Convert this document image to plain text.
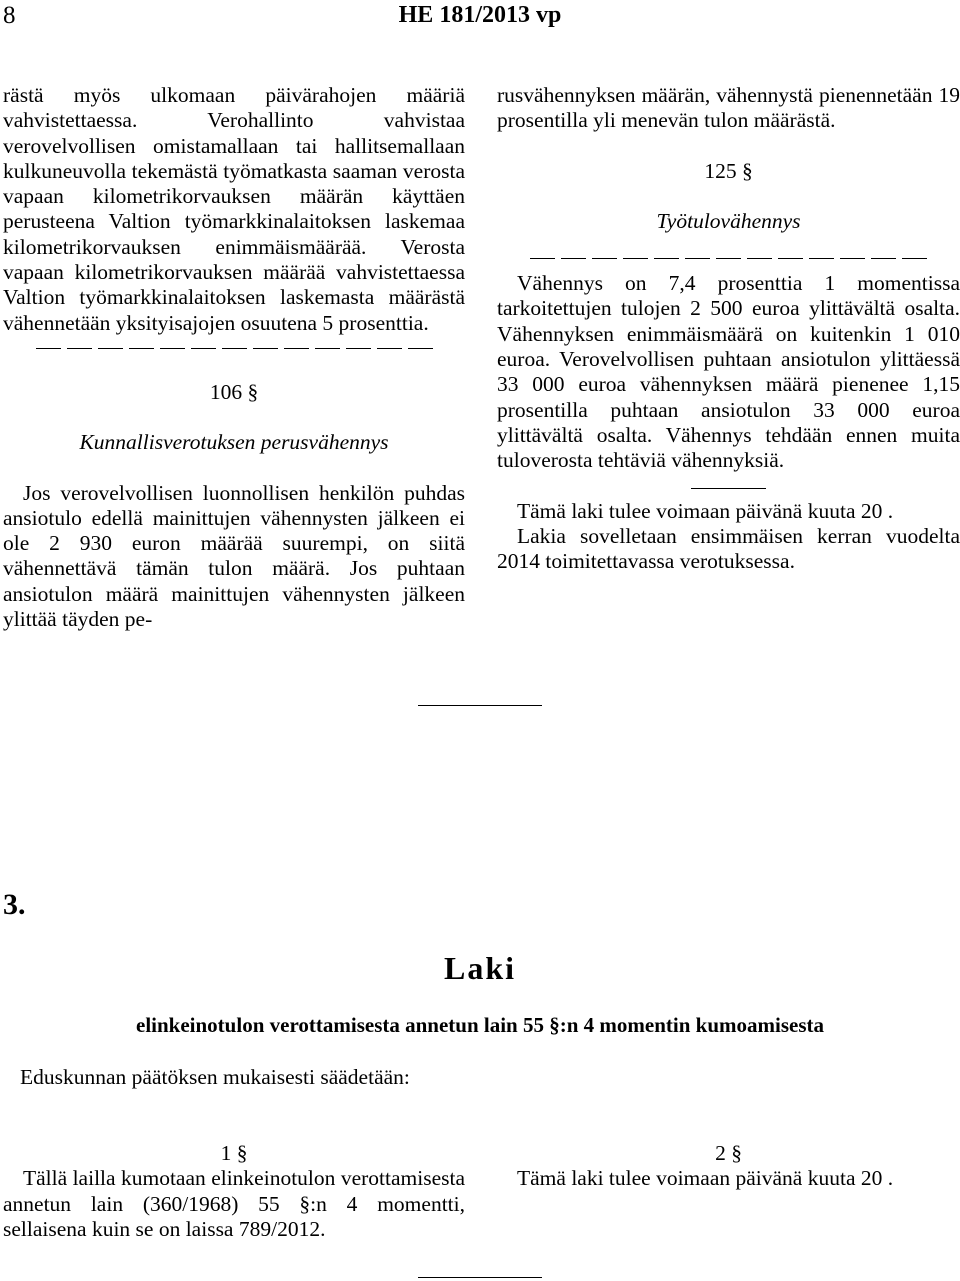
8	HE 181/2013 vp

rästä myös ulkomaan päivärahojen määriä vahvistettaessa. Verohallinto vahvistaa verovelvollisen omistamallaan tai hallitsemallaan kulkuneuvolla tekemästä työmatkasta saaman verosta vapaan kilometrikorvauksen määrän käyttäen perusteena Valtion työmarkkinalaitoksen laskemaa kilometrikorvauksen enimmäismäärää. Verosta vapaan kilometrikorvauksen määrää vahvistettaessa Valtion työmarkkinalaitoksen laskemasta määrästä vähennetään yksityisajojen osuutena 5 prosenttia.

106 §

Kunnallisverotuksen perusvähennys

Jos verovelvollisen luonnollisen henkilön puhdas ansiotulo edellä mainittujen vähennysten jälkeen ei ole 2 930 euron määrää suurempi, on siitä vähennettävä tämän tulon määrä. Jos puhtaan ansiotulon määrä mainittujen vähennysten jälkeen ylittää täyden pe-

rusvähennyksen määrän, vähennystä pienennetään 19 prosentilla yli menevän tulon määrästä.

125 §

Työtulovähennys

Vähennys on 7,4 prosenttia 1 momentissa tarkoitettujen tulojen 2 500 euroa ylittävältä osalta. Vähennyksen enimmäismäärä on kuitenkin 1 010 euroa. Verovelvollisen puhtaan ansiotulon ylittäessä 33 000 euroa vähennyksen määrä pienenee 1,15 prosentilla puhtaan ansiotulon 33 000 euroa ylittävältä osalta. Vähennys tehdään ennen muita tuloverosta tehtäviä vähennyksiä.

Tämä laki tulee voimaan päivänä kuuta 20 .

Lakia sovelletaan ensimmäisen kerran vuodelta 2014 toimitettavassa verotuksessa.

3.
Laki
elinkeinotulon verottamisesta annetun lain 55 §:n 4 momentin kumoamisesta
Eduskunnan päätöksen mukaisesti säädetään:

1 §

Tällä lailla kumotaan elinkeinotulon verottamisesta annetun lain (360/1968) 55 §:n 4 momentti, sellaisena kuin se on laissa 789/2012.

2 §

Tämä laki tulee voimaan päivänä kuuta 20 .
